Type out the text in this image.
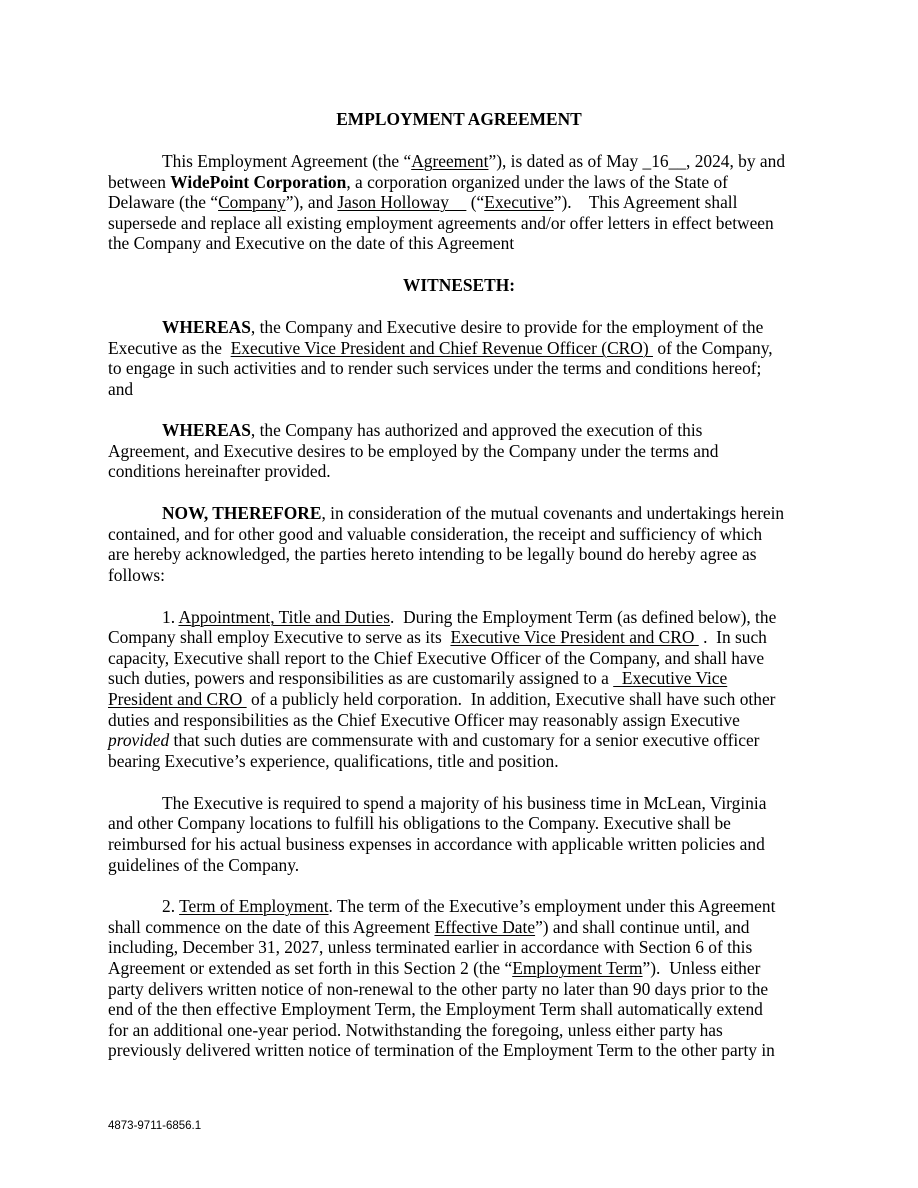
EMPLOYMENT AGREEMENT
This Employment Agreement (the “Agreement”), is dated as of May _16__, 2024, by and
between WidePoint Corporation, a corporation organized under the laws of the State of
Delaware (the “Company”), and Jason Holloway     (“Executive”).    This Agreement shall
supersede and replace all existing employment agreements and/or offer letters in effect between
the Company and Executive on the date of this Agreement
WITNESETH:
WHEREAS, the Company and Executive desire to provide for the employment of the
Executive as the  Executive Vice President and Chief Revenue Officer (CRO)  of the Company,
to engage in such activities and to render such services under the terms and conditions hereof;
and
WHEREAS, the Company has authorized and approved the execution of this
Agreement, and Executive desires to be employed by the Company under the terms and
conditions hereinafter provided.
NOW, THEREFORE, in consideration of the mutual covenants and undertakings herein
contained, and for other good and valuable consideration, the receipt and sufficiency of which
are hereby acknowledged, the parties hereto intending to be legally bound do hereby agree as
follows:
1. Appointment, Title and Duties.  During the Employment Term (as defined below), the
Company shall employ Executive to serve as its  Executive Vice President and CRO  .  In such
capacity, Executive shall report to the Chief Executive Officer of the Company, and shall have
such duties, powers and responsibilities as are customarily assigned to a   Executive Vice
President and CRO  of a publicly held corporation.  In addition, Executive shall have such other
duties and responsibilities as the Chief Executive Officer may reasonably assign Executive
provided that such duties are commensurate with and customary for a senior executive officer
bearing Executive’s experience, qualifications, title and position.
The Executive is required to spend a majority of his business time in McLean, Virginia
and other Company locations to fulfill his obligations to the Company. Executive shall be
reimbursed for his actual business expenses in accordance with applicable written policies and
guidelines of the Company.
2. Term of Employment. The term of the Executive’s employment under this Agreement
shall commence on the date of this Agreement Effective Date”) and shall continue until, and
including, December 31, 2027, unless terminated earlier in accordance with Section 6 of this
Agreement or extended as set forth in this Section 2 (the “Employment Term”).  Unless either
party delivers written notice of non-renewal to the other party no later than 90 days prior to the
end of the then effective Employment Term, the Employment Term shall automatically extend
for an additional one-year period. Notwithstanding the foregoing, unless either party has
previously delivered written notice of termination of the Employment Term to the other party in
4873-9711-6856.1
